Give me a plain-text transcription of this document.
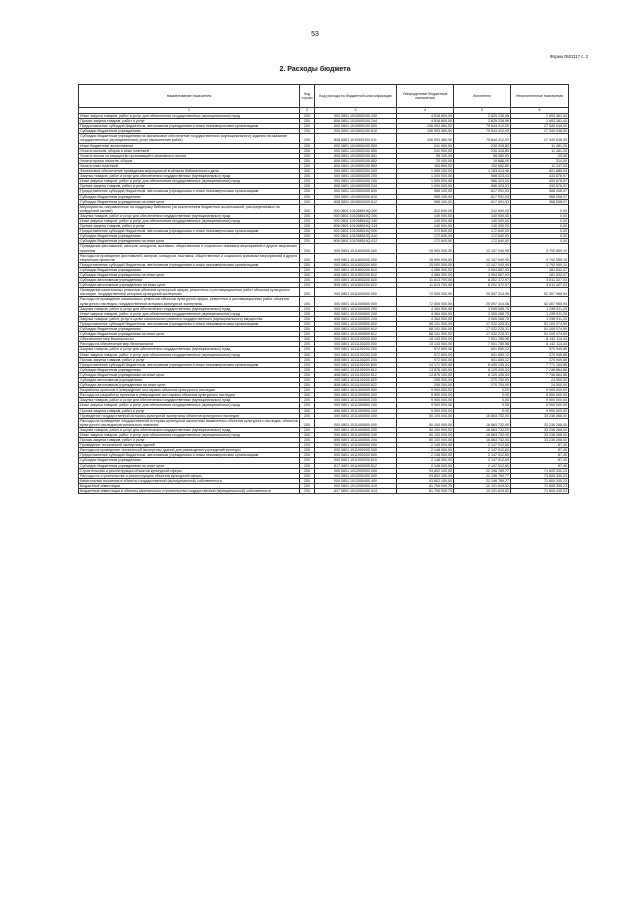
53
Форма 0503117 с. 2
2. Расходы бюджета
Наименование показателя	Код строки	Код расхода по бюджетной классификации	Утвержденные бюджетные назначения	Исполнено	Неисполненные назначения
1	2	3	4	5	6
Иные закупки товаров, работ и услуг для обеспечения государственных (муниципальных) нужд	200	000 0801 1010500100 240	4 518 600,00	2 825 238,56	1 693 361,44
Прочая закупка товаров, работ и услуг	200	808 0801 1010500100 244	4 518 600,00	2 825 238,56	1 693 361,44
Предоставление субсидий бюджетным, автономным учреждениям и иным некоммерческим организациям	200	000 0801 1010500100 600	106 993 460,00	79 644 412,00	27 349 048,00
Субсидии бюджетным учреждениям	200	000 0801 1010500100 610	106 993 460,00	79 644 412,00	27 349 048,00
Субсидии бюджетным учреждениям на финансовое обеспечение государственного (муниципального) задания на оказание государственных (муниципальных) услуг (выполнение работ)	200	808 0801 1010500100 611	106 993 460,00	79 644 412,00	27 349 048,00
Иные бюджетные ассигнования	200	000 0801 1010500100 800	241 900,00	230 418,80	11 481,20
Уплата налогов, сборов и иных платежей	200	000 0801 1010500100 850	241 900,00	230 418,80	11 481,20
Уплата налога на имущество организаций и земельного налога	200	808 0801 1010500100 851	58 100,00	58 080,00	20,00
Уплата прочих налогов, сборов	200	808 0801 1010500100 852	20 000,00	19 686,00	314,00
Уплата иных платежей	200	808 0801 1010500100 853	163 800,00	152 652,80	11 147,20
Финансовое обеспечение проведения мероприятий в области библиотечного дела	200	000 0801 1010500200 000	1 965 100,00	1 183 414,96	801 685,04
Закупка товаров, работ и услуг для обеспечения государственных (муниципальных) нужд	200	000 0801 1010500200 200	1 000 000,00	566 323,03	433 676,97
Иные закупки товаров, работ и услуг для обеспечения государственных (муниципальных) нужд	200	000 0801 1010500200 240	1 000 000,00	566 323,03	433 676,97
Прочая закупка товаров, работ и услуг	200	808 0801 1010500200 244	1 000 000,00	566 323,03	433 676,97
Предоставление субсидий бюджетным, автономным учреждениям и иным некоммерческим организациям	200	000 0801 1010500200 600	985 100,00	617 091,93	368 008,07
Субсидии бюджетным учреждениям	200	000 0801 1010500200 610	985 100,00	617 091,93	368 008,07
Субсидии бюджетным учреждениям на иные цели	200	808 0801 1010500200 612	985 100,00	617 091,93	368 008,07
Мероприятия, направленные на поддержку библиотек (за исключением бюджетных ассигнований, распределяемых на конкурсной основе)	200	000 0801 101058519Q 000	312 840,00	312 840,00	0,00
Закупка товаров, работ и услуг для обеспечения государственных (муниципальных) нужд	200	000 0801 101058519Q 200	140 000,00	140 000,00	0,00
Иные закупки товаров, работ и услуг для обеспечения государственных (муниципальных) нужд	200	000 0801 101058519Q 240	140 000,00	140 000,00	0,00
Прочая закупка товаров, работ и услуг	200	808 0801 101058519Q 244	140 000,00	140 000,00	0,00
Предоставление субсидий бюджетным, автономным учреждениям и иным некоммерческим организациям	200	000 0801 101058519Q 600	172 840,00	172 840,00	0,00
Субсидии бюджетным учреждениям	200	000 0801 101058519Q 610	172 840,00	172 840,00	0,00
Субсидии бюджетным учреждениям на иные цели	200	808 0801 101058519Q 612	172 840,00	172 840,00	0,00
Проведение фестивалей, смотров, конкурсов, выставок, общественных и социально значимых мероприятий и других творческих проектов	200	000 0801 1011800000 000	15 900 000,00	12 107 040,96	3 792 959,10
Расходы на проведение фестивалей, смотров, конкурсов, выставок, общественных и социально значимых мероприятий и других творческих проектов	200	000 0801 1011800200 000	15 900 000,00	12 107 040,90	3 792 959,10
Предоставление субсидий бюджетным, автономным учреждениям и иным некоммерческим организациям	200	000 0801 1011800200 600	15 900 000,00	12 107 040,90	3 792 959,10
Субсидии бюджетным учреждениям	200	000 0801 1011800200 610	4 086 300,00	3 904 667,93	181 632,07
Субсидии бюджетным учреждениям на иные цели	200	808 0801 1011800200 612	4 086 300,00	3 904 667,93	181 632,07
Субсидии автономным учреждениям	200	000 0801 1011800200 620	11 813 700,00	8 202 372,97	3 611 327,03
Субсидии автономным учреждениям на иные цели	200	808 0801 1011800200 622	11 813 700,00	8 202 372,97	3 611 327,03
Проведение капитальных ремонтов объектов культурной сферы, ремонтных и реставрационных работ объектов культурного наследия, государственной историко-культурной экспертизы	200	000 0801 1011000000 000	72 505 300,00	20 097 314,06	52 407 985,94
Расходы на проведение капитальных ремонтов объектов культурной сферы, ремонтных и реставрационных работ объектов культурного наследия, государственной историко-культурной экспертизы	200	000 0801 1011000500 000	72 505 300,00	20 097 314,06	52 407 985,94
Закупка товаров, работ и услуг для обеспечения государственных (муниципальных) нужд	200	000 0801 1011000500 200	4 364 000,00	3 065 088,75	1 298 911,25
Иные закупки товаров, работ и услуг для обеспечения государственных (муниципальных) нужд	200	000 0801 1011000500 240	4 364 000,00	3 065 088,75	1 298 911,25
Закупка товаров, работ, услуг в целях капитального ремонта государственного (муниципального) имущества	200	808 0801 1011000500 243	4 364 000,00	3 065 088,75	1 298 911,25
Предоставление субсидий бюджетным, автономным учреждениям и иным некоммерческим организациям	200	000 0801 1011000500 600	68 141 300,00	17 032 225,31	51 109 074,69
Субсидии бюджетным учреждениям	200	000 0801 1011000500 610	68 141 300,00	17 032 225,31	51 109 074,69
Субсидии бюджетным учреждениям на иные цели	200	808 0801 1011000500 612	68 141 300,00	17 032 225,31	51 109 074,69
Обеспечение мер безопасности	200	000 0801 1011100000 000	15 143 900,00	7 001 785,56	8 142 114,44
Расходы на обеспечение мер безопасности	200	000 0801 1011100200 000	15 143 900,00	7 001 785,56	8 142 114,44
Закупка товаров, работ и услуг для обеспечения государственных (муниципальных) нужд	200	000 0801 1011100200 200	972 600,00	601 650,12	370 949,88
Иные закупки товаров, работ и услуг для обеспечения государственных (муниципальных) нужд	200	000 0801 1011100200 240	972 600,00	601 650,12	370 949,88
Прочая закупка товаров, работ и услуг	200	808 0801 1011100200 244	972 600,00	601 650,12	370 949,88
Предоставление субсидий бюджетным, автономным учреждениям и иным некоммерческим организациям	200	000 0801 1011100200 600	14 171 300,00	6 400 135,44	7 771 164,56
Субсидии бюджетным учреждениям	200	000 0801 1011100200 610	13 876 100,00	6 129 435,44	7 746 664,56
Субсидии бюджетным учреждениям на иные цели	200	808 0801 1011100200 612	13 876 100,00	6 129 435,44	7 746 664,56
Субсидии автономным учреждениям	200	000 0801 1011100200 620	295 200,00	270 700,00	24 500,00
Субсидии автономным учреждениям на иные цели	200	808 0801 1011100200 622	295 200,00	270 700,00	24 500,00
Разработка проектов и утверждение зон охраны объектов культурного наследия	200	000 0801 1011300000 000	9 900 000,00	0,00	9 900 000,00
Расходы на разработку проектов и утверждение зон охраны объектов культурного наследия	200	000 0801 1011300500 000	9 900 000,00	0,00	9 900 000,00
Закупка товаров, работ и услуг для обеспечения государственных (муниципальных) нужд	200	000 0801 1011300500 200	9 900 000,00	0,00	9 900 000,00
Иные закупки товаров, работ и услуг для обеспечения государственных (муниципальных) нужд	200	000 0801 1011300500 240	9 900 000,00	0,00	9 900 000,00
Прочая закупка товаров, работ и услуг	200	856 0801 1011300500 244	9 900 000,00	0,00	9 900 000,00
Проведение государственной историко-культурной экспертизы объектов культурного наследия	200	000 0801 1011400000 000	50 100 000,00	16 863 732,00	33 236 268,00
Расходы на проведение государственной историко-культурной экспертизы выявленных объектов культурного наследия, объектов культурного наследия регионального значения	200	000 0801 1011400500 000	50 100 000,00	16 863 732,00	33 236 268,00
Закупка товаров, работ и услуг для обеспечения государственных (муниципальных) нужд	200	000 0801 1011400500 200	50 100 000,00	16 863 732,00	33 236 268,00
Иные закупки товаров, работ и услуг для обеспечения государственных (муниципальных) нужд	200	000 0801 1011400500 240	50 100 000,00	16 863 732,00	33 236 268,00
Прочая закупка товаров, работ и услуг	200	856 0801 1011400500 244	50 100 000,00	16 863 732,00	33 236 268,00
Проведение технической экспертизы зданий	200	000 0801 1011900000 000	2 148 000,00	2 147 912,60	87,40
Расходы на проведение технической экспертизы зданий для размещения учреждений культуры	200	000 0801 1011900200 000	2 148 000,00	2 147 912,60	87,40
Предоставление субсидий бюджетным, автономным учреждениям и иным некоммерческим организациям	200	000 0801 1011900200 600	2 148 000,00	2 147 912,60	87,40
Субсидии бюджетным учреждениям	200	000 0801 1011900200 610	2 148 000,00	2 147 912,60	87,40
Субсидии бюджетным учреждениям на иные цели	200	817 0801 1011900200 612	2 148 000,00	2 147 912,60	87,40
Строительство и реконструкция объектов культурной сферы	200	000 0801 1012000000 000	93 802 100,00	22 196 769,77	71 605 330,23
Расходы на строительство и реконструкцию объектов культурной сферы	200	000 0801 1012000400 000	93 802 100,00	22 196 769,77	71 605 330,23
Капитальные вложения в объекты государственной (муниципальной) собственности	200	000 0801 1012000400 400	93 802 100,00	22 196 769,77	71 605 330,23
Бюджетные инвестиции	200	000 0801 1012000400 410	81 706 949,75	10 101 619,52	71 605 330,23
Бюджетные инвестиции в объекты капитального строительства государственной (муниципальной) собственности	200	817 0801 1012000400 414	81 706 949,75	10 101 619,52	71 605 330,23
